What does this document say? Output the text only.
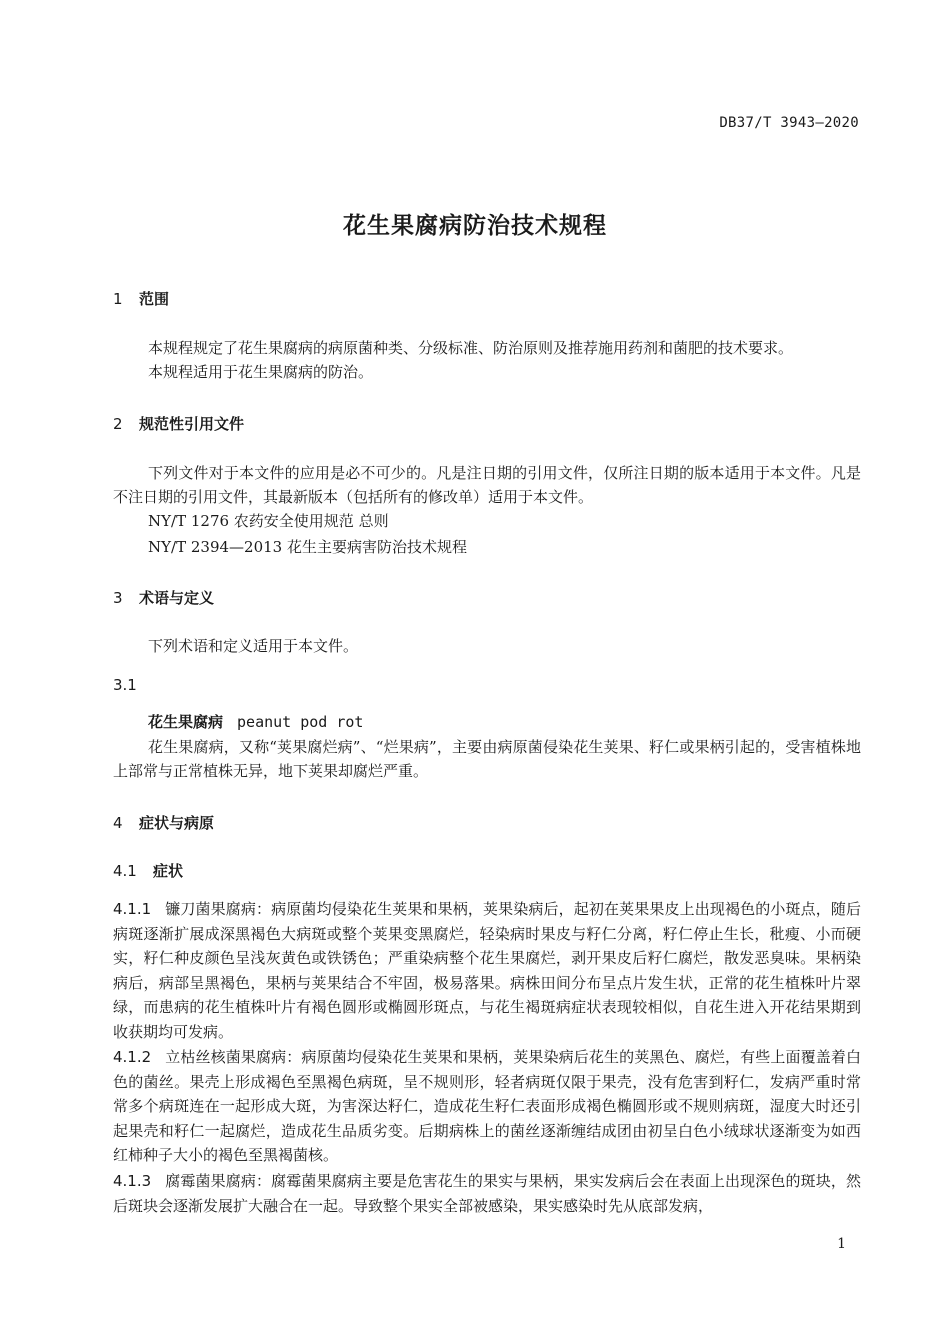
DB37/T 3943—2020
花生果腐病防治技术规程
1 范围
本规程规定了花生果腐病的病原菌种类、分级标准、防治原则及推荐施用药剂和菌肥的技术要求。
本规程适用于花生果腐病的防治。
2 规范性引用文件
下列文件对于本文件的应用是必不可少的。凡是注日期的引用文件，仅所注日期的版本适用于本文件。凡是不注日期的引用文件，其最新版本（包括所有的修改单）适用于本文件。
NY/T 1276 农药安全使用规范 总则
NY/T 2394—2013 花生主要病害防治技术规程
3 术语与定义
下列术语和定义适用于本文件。
3.1
花生果腐病 peanut pod rot
花生果腐病，又称“荚果腐烂病”、“烂果病”，主要由病原菌侵染花生荚果、籽仁或果柄引起的，受害植株地上部常与正常植株无异，地下荚果却腐烂严重。
4 症状与病原
4.1 症状
4.1.1 镰刀菌果腐病：病原菌均侵染花生荚果和果柄，荚果染病后，起初在荚果果皮上出现褐色的小斑点，随后病斑逐渐扩展成深黑褐色大病斑或整个荚果变黑腐烂，轻染病时果皮与籽仁分离，籽仁停止生长，秕瘦、小而硬实，籽仁种皮颜色呈浅灰黄色或铁锈色；严重染病整个花生果腐烂，剥开果皮后籽仁腐烂，散发恶臭味。果柄染病后，病部呈黑褐色，果柄与荚果结合不牢固，极易落果。病株田间分布呈点片发生状，正常的花生植株叶片翠绿，而患病的花生植株叶片有褐色圆形或椭圆形斑点，与花生褐斑病症状表现较相似，自花生进入开花结果期到收获期均可发病。
4.1.2 立枯丝核菌果腐病：病原菌均侵染花生荚果和果柄，荚果染病后花生的荚黑色、腐烂，有些上面覆盖着白色的菌丝。果壳上形成褐色至黑褐色病斑，呈不规则形，轻者病斑仅限于果壳，没有危害到籽仁，发病严重时常常多个病斑连在一起形成大斑，为害深达籽仁，造成花生籽仁表面形成褐色椭圆形或不规则病斑，湿度大时还引起果壳和籽仁一起腐烂，造成花生品质劣变。后期病株上的菌丝逐渐缠结成团由初呈白色小绒球状逐渐变为如西红柿种子大小的褐色至黑褐菌核。
4.1.3 腐霉菌果腐病：腐霉菌果腐病主要是危害花生的果实与果柄，果实发病后会在表面上出现深色的斑块，然后斑块会逐渐发展扩大融合在一起。导致整个果实全部被感染，果实感染时先从底部发病，
1
